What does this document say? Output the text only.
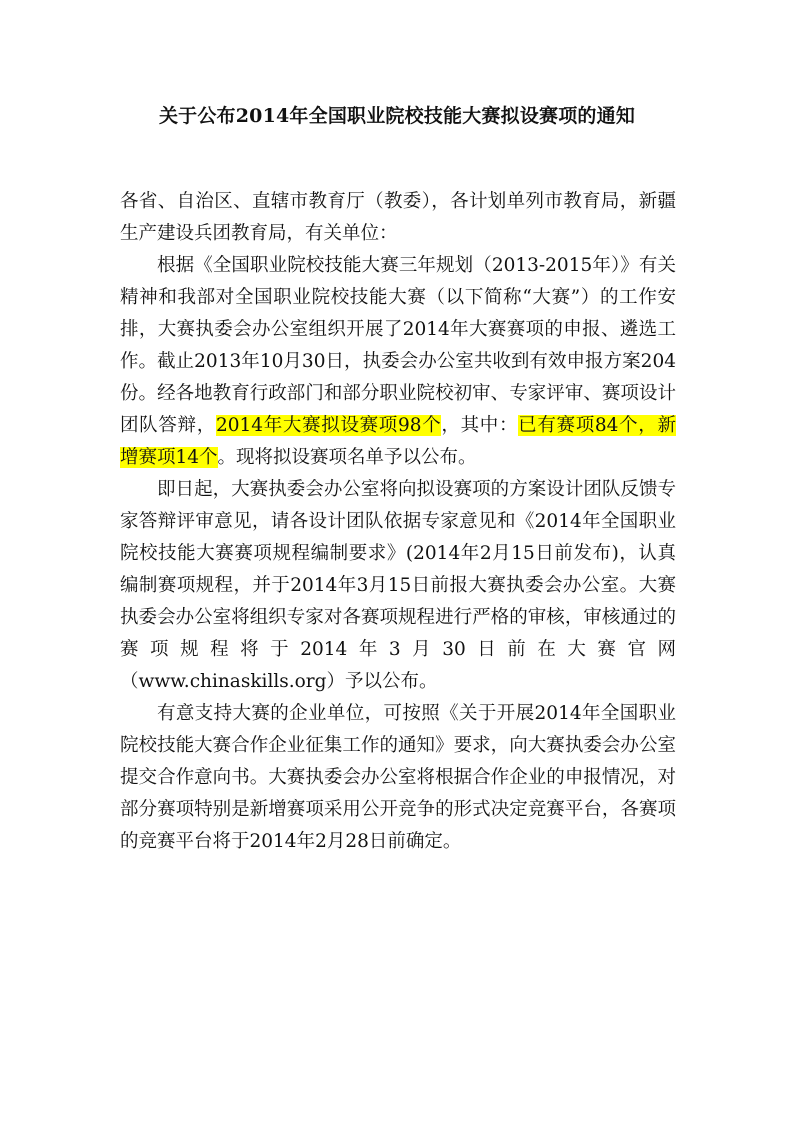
关于公布2014年全国职业院校技能大赛拟设赛项的通知

各省、自治区、直辖市教育厅（教委），各计划单列市教育局，新疆生产建设兵团教育局，有关单位：

根据《全国职业院校技能大赛三年规划（2013-2015年）》有关精神和我部对全国职业院校技能大赛（以下简称“大赛”）的工作安排，大赛执委会办公室组织开展了2014年大赛赛项的申报、遴选工作。截止2013年10月30日，执委会办公室共收到有效申报方案204份。经各地教育行政部门和部分职业院校初审、专家评审、赛项设计团队答辩，2014年大赛拟设赛项98个，其中：已有赛项84个，新增赛项14个。现将拟设赛项名单予以公布。

即日起，大赛执委会办公室将向拟设赛项的方案设计团队反馈专家答辩评审意见，请各设计团队依据专家意见和《2014年全国职业院校技能大赛赛项规程编制要求》(2014年2月15日前发布)，认真编制赛项规程，并于2014年3月15日前报大赛执委会办公室。大赛执委会办公室将组织专家对各赛项规程进行严格的审核，审核通过的赛项规程将于2014年3月30日前在大赛官网（www.chinaskills.org）予以公布。

有意支持大赛的企业单位，可按照《关于开展2014年全国职业院校技能大赛合作企业征集工作的通知》要求，向大赛执委会办公室提交合作意向书。大赛执委会办公室将根据合作企业的申报情况，对部分赛项特别是新增赛项采用公开竞争的形式决定竞赛平台，各赛项的竞赛平台将于2014年2月28日前确定。
